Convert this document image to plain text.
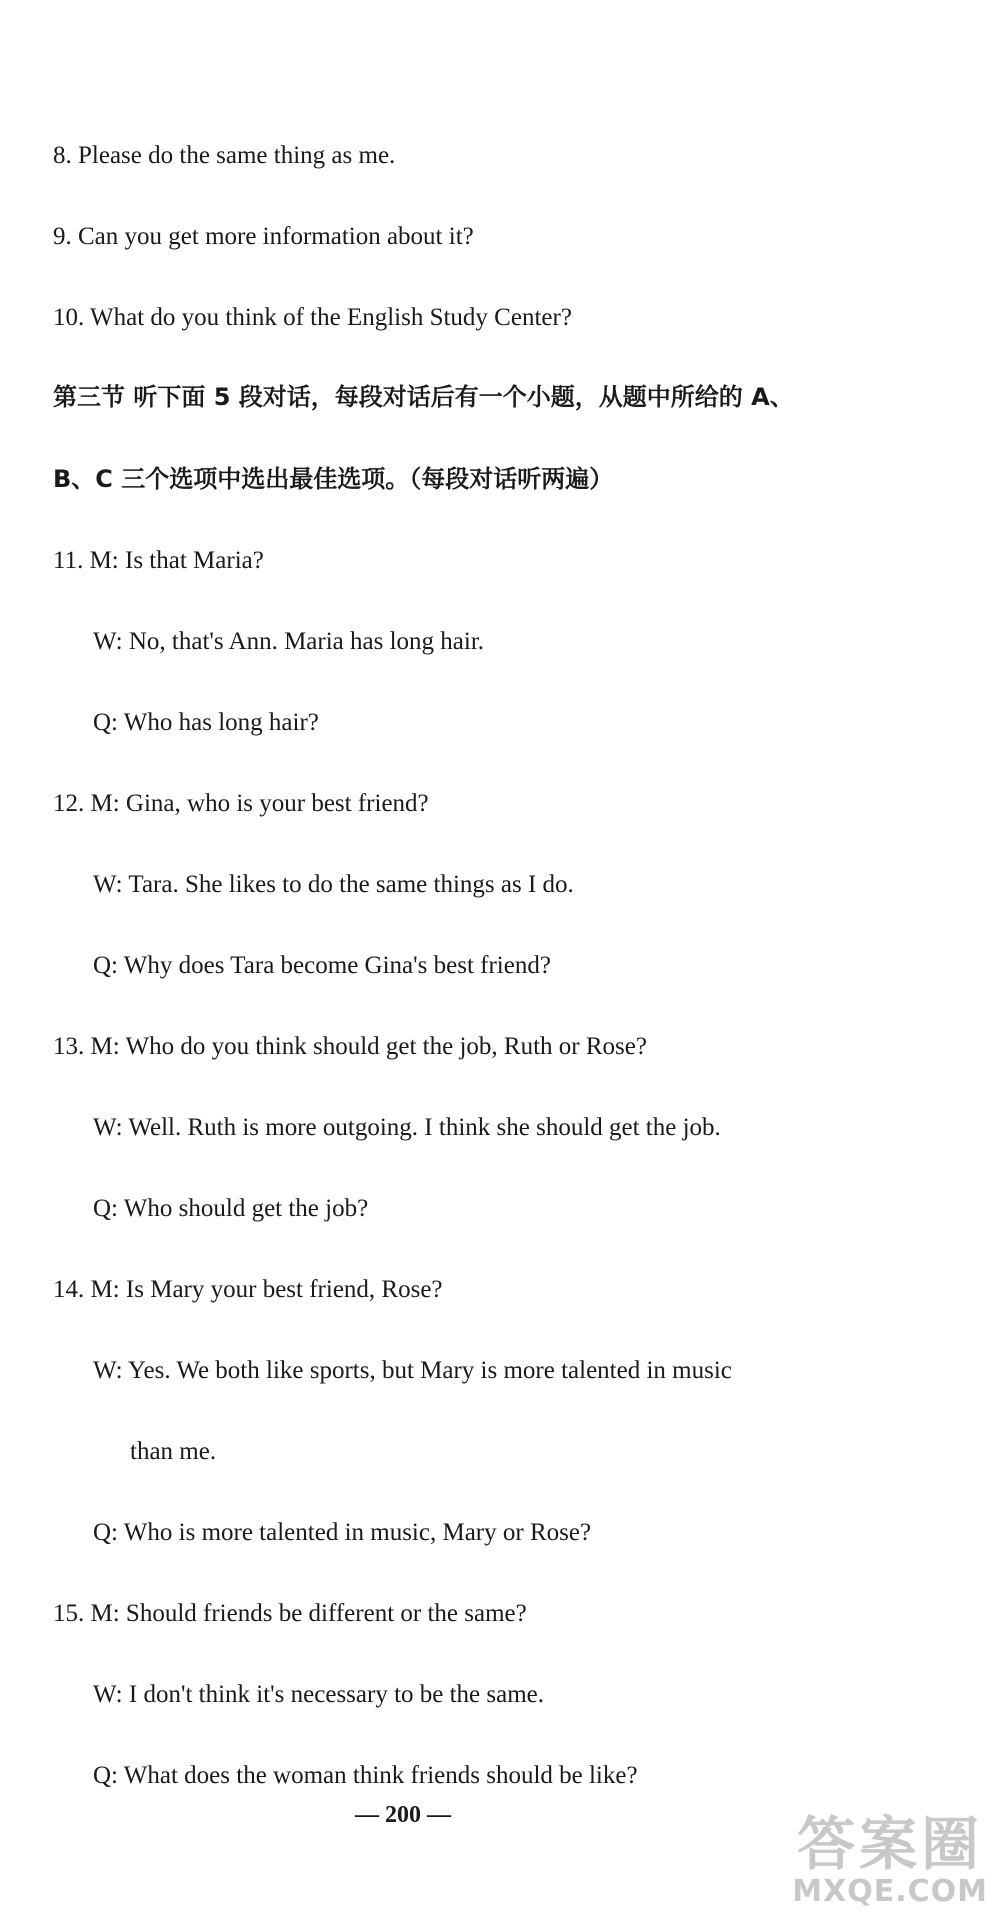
8. Please do the same thing as me.
9. Can you get more information about it?
10. What do you think of the English Study Center?
第三节 听下面 5 段对话，每段对话后有一个小题，从题中所给的 A、
B、C 三个选项中选出最佳选项。（每段对话听两遍）
11. M: Is that Maria?
W: No, that's Ann. Maria has long hair.
Q: Who has long hair?
12. M: Gina, who is your best friend?
W: Tara. She likes to do the same things as I do.
Q: Why does Tara become Gina's best friend?
13. M: Who do you think should get the job, Ruth or Rose?
W: Well. Ruth is more outgoing. I think she should get the job.
Q: Who should get the job?
14. M: Is Mary your best friend, Rose?
W: Yes. We both like sports, but Mary is more talented in music
than me.
Q: Who is more talented in music, Mary or Rose?
15. M: Should friends be different or the same?
W: I don't think it's necessary to be the same.
Q: What does the woman think friends should be like?
— 200 —	答案圈
MXQE.COM
